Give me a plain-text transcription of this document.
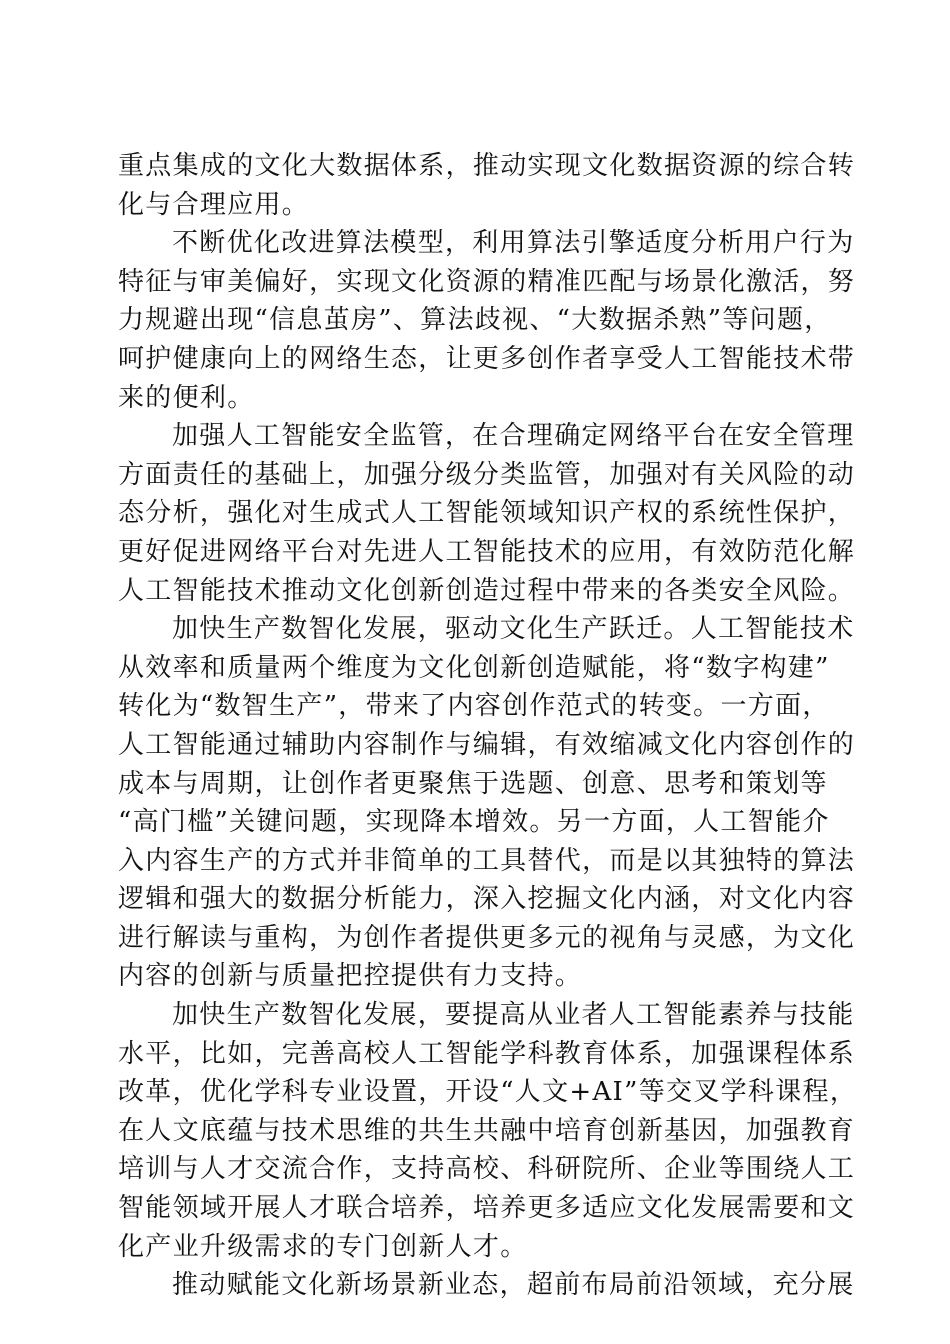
重点集成的文化大数据体系，推动实现文化数据资源的综合转
化与合理应用。

不断优化改进算法模型，利用算法引擎适度分析用户行为
特征与审美偏好，实现文化资源的精准匹配与场景化激活，努
力规避出现“信息茧房”、算法歧视、“大数据杀熟”等问题，
呵护健康向上的网络生态，让更多创作者享受人工智能技术带
来的便利。

加强人工智能安全监管，在合理确定网络平台在安全管理
方面责任的基础上，加强分级分类监管，加强对有关风险的动
态分析，强化对生成式人工智能领域知识产权的系统性保护，
更好促进网络平台对先进人工智能技术的应用，有效防范化解
人工智能技术推动文化创新创造过程中带来的各类安全风险。

加快生产数智化发展，驱动文化生产跃迁。人工智能技术
从效率和质量两个维度为文化创新创造赋能，将“数字构建”
转化为“数智生产”，带来了内容创作范式的转变。一方面，
人工智能通过辅助内容制作与编辑，有效缩减文化内容创作的
成本与周期，让创作者更聚焦于选题、创意、思考和策划等
“高门槛”关键问题，实现降本增效。另一方面，人工智能介
入内容生产的方式并非简单的工具替代，而是以其独特的算法
逻辑和强大的数据分析能力，深入挖掘文化内涵，对文化内容
进行解读与重构，为创作者提供更多元的视角与灵感，为文化
内容的创新与质量把控提供有力支持。

加快生产数智化发展，要提高从业者人工智能素养与技能
水平，比如，完善高校人工智能学科教育体系，加强课程体系
改革，优化学科专业设置，开设“人文+AI”等交叉学科课程，
在人文底蕴与技术思维的共生共融中培育创新基因，加强教育
培训与人才交流合作，支持高校、科研院所、企业等围绕人工
智能领域开展人才联合培养，培养更多适应文化发展需要和文
化产业升级需求的专门创新人才。

推动赋能文化新场景新业态，超前布局前沿领域，充分展
